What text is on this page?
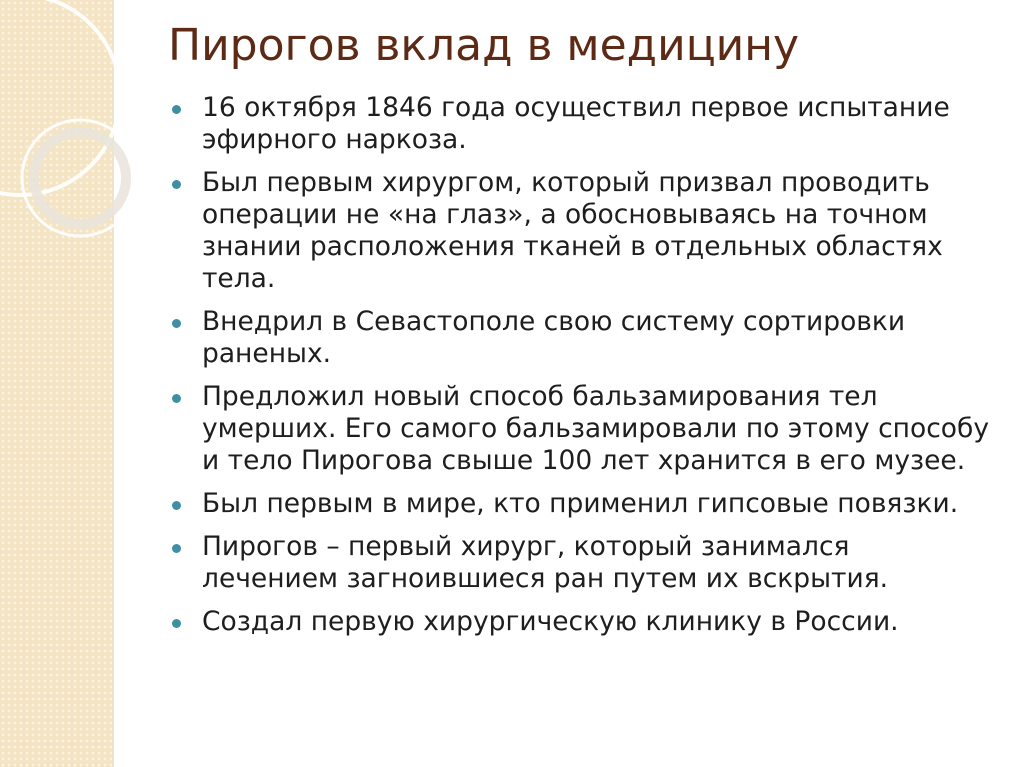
Пирогов вклад в медицину
16 октября 1846 года осуществил первое испытание эфирного наркоза.
Был первым хирургом, который призвал проводить операции не «на глаз», а обосновываясь на точном знании расположения тканей в отдельных областях тела.
Внедрил в Севастополе свою систему сортировки раненых.
Предложил новый способ бальзамирования тел умерших. Его самого бальзамировали по этому способу и тело Пирогова свыше 100 лет хранится в его музее.
Был первым в мире, кто применил гипсовые повязки.
Пирогов – первый хирург, который занимался лечением загноившиеся ран путем их вскрытия.
Создал первую хирургическую клинику в России.
